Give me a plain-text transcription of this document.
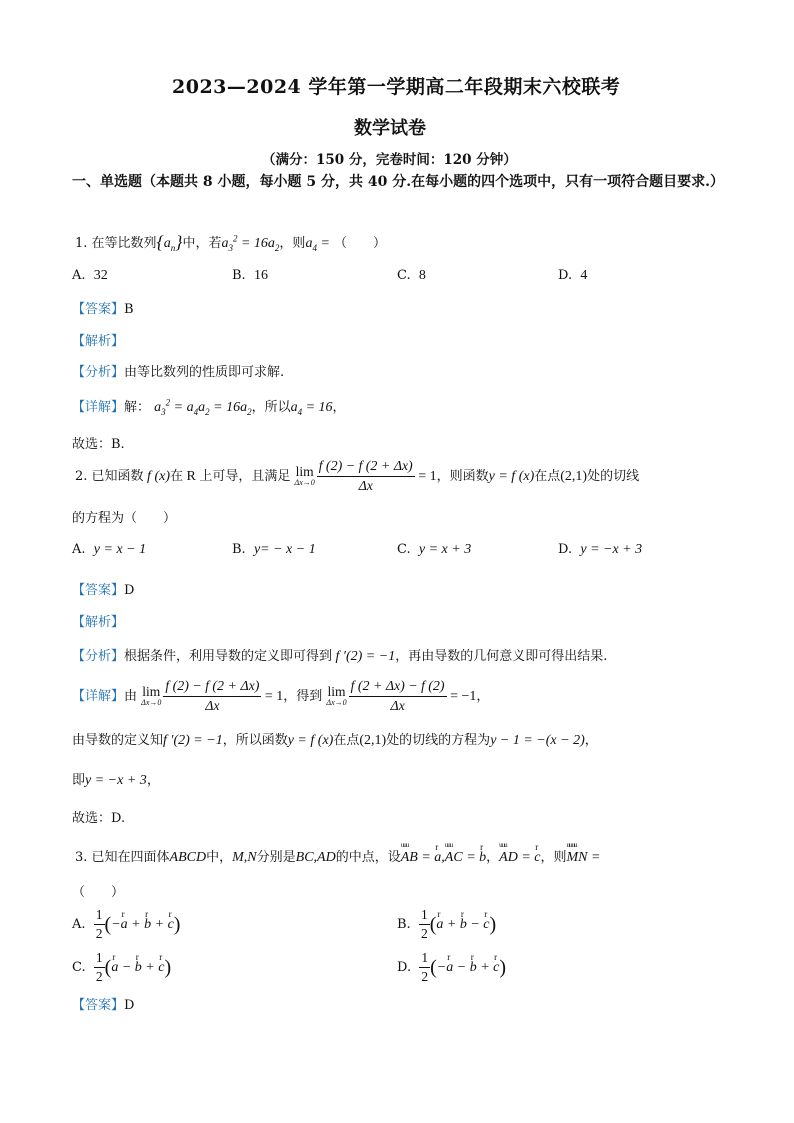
2023—2024 学年第一学期高二年段期末六校联考
数学试卷
（满分：150 分，完卷时间：120 分钟）
一、单选题（本题共 8 小题，每小题 5 分，共 40 分.在每小题的四个选项中，只有一项符合题目要求.）
1. 在等比数列$\{a_n\}$中，若$a_3^2 = 16a_2$，则$a_4$ = （　　）
A. 32	B. 16	C. 8	D. 4
【答案】B
【解析】
【分析】由等比数列的性质即可求解.
【详解】解： $a_3^2 = a_4a_2 = 16a_2$，所以$a_4 = 16$，
故选：B.
2. 已知函数 f (x)在 R 上可导，且满足 lim
$\Delta x\to 0 \frac{f (2) - f (2 + \Delta x)}{\Delta x} = 1$，则函数y = f (x)在点(2,1)处的切线
的方程为（　　）
A. y = x − 1	B. y= − x − 1	C. y = x + 3	D. y = −x + 3
【答案】D
【解析】
【分析】根据条件，利用导数的定义即可得到 f ′(2) = −1，再由导数的几何意义即可得出结果.
【详解】由 lim
$\Delta x\to 0 \frac{f (2) - f (2 + \Delta x)}{\Delta x} = 1$，得到 lim
$\Delta x\to 0 \frac{f (2 + \Delta x) - f (2)}{\Delta x} = -1$，
由导数的定义知f ′(2) = −1，所以函数y = f (x)在点(2,1)处的切线的方程为y − 1 = −(x − 2)，
即y = −x + 3，
故选：D.
3. 已知在四面体ABCD中，M,N分别是BC,AD的中点，设uuu AB = r a,uuu AC = r b，uuu AD = r c，则uuuu MN =
（　　）
A. $\frac{1}{2} (-r$ a + r b + r c)	B. $\frac{1}{2} (r$ a + r b − r c)
C. $\frac{1}{2} (r$ a − r b + r c)	D. $\frac{1}{2} (-r$ a − r b + r c)
【答案】D
